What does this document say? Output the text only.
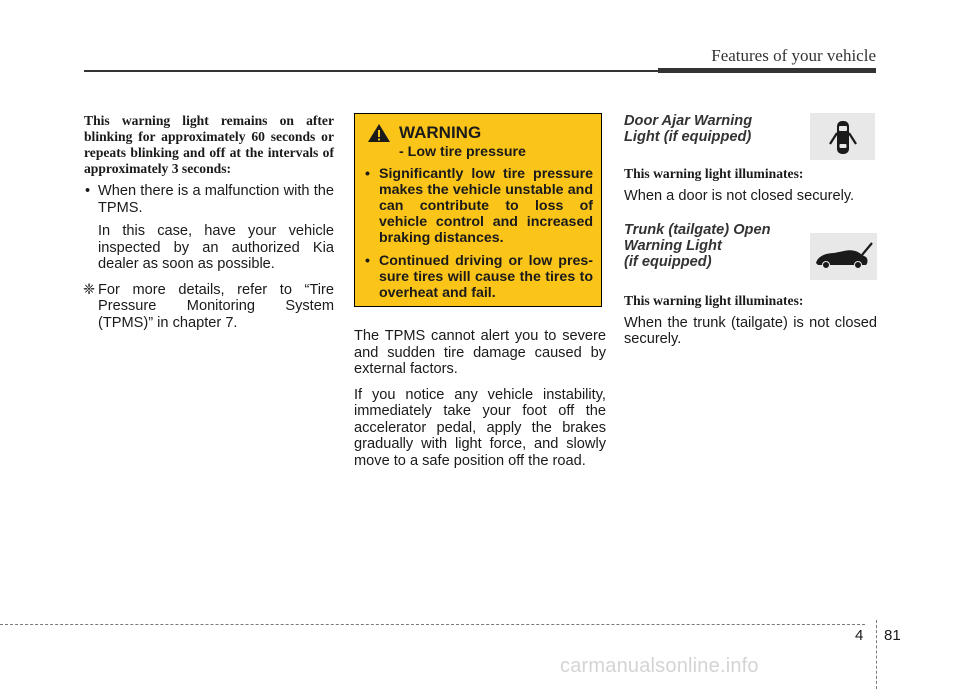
Features of your vehicle

This warning light remains on after blinking for approximately 60 seconds or repeats blinking and off at the intervals of approximately 3 seconds:

• When there is a malfunction with the TPMS.
In this case, have your vehicle inspected by an authorized Kia dealer as soon as possible.
❈ For more details, refer to “Tire Pressure Monitoring System (TPMS)” in chapter 7.
WARNING
- Low tire pressure
• Significantly low tire pressure makes the vehicle unstable and can contribute to loss of vehicle control and increased braking distances.
• Continued driving or low pres-sure tires will cause the tires to overheat and fail.

The TPMS cannot alert you to severe and sudden tire damage caused by external factors.

If you notice any vehicle instability, immediately take your foot off the accelerator pedal, apply the brakes gradually with light force, and slowly move to a safe position off the road.

Door Ajar Warning
Light (if equipped)

This warning light illuminates:

When a door is not closed securely.

Trunk (tailgate) Open
Warning Light
(if equipped)

This warning light illuminates:

When the trunk (tailgate) is not closed securely.

4 81
carmanualsonline.info
